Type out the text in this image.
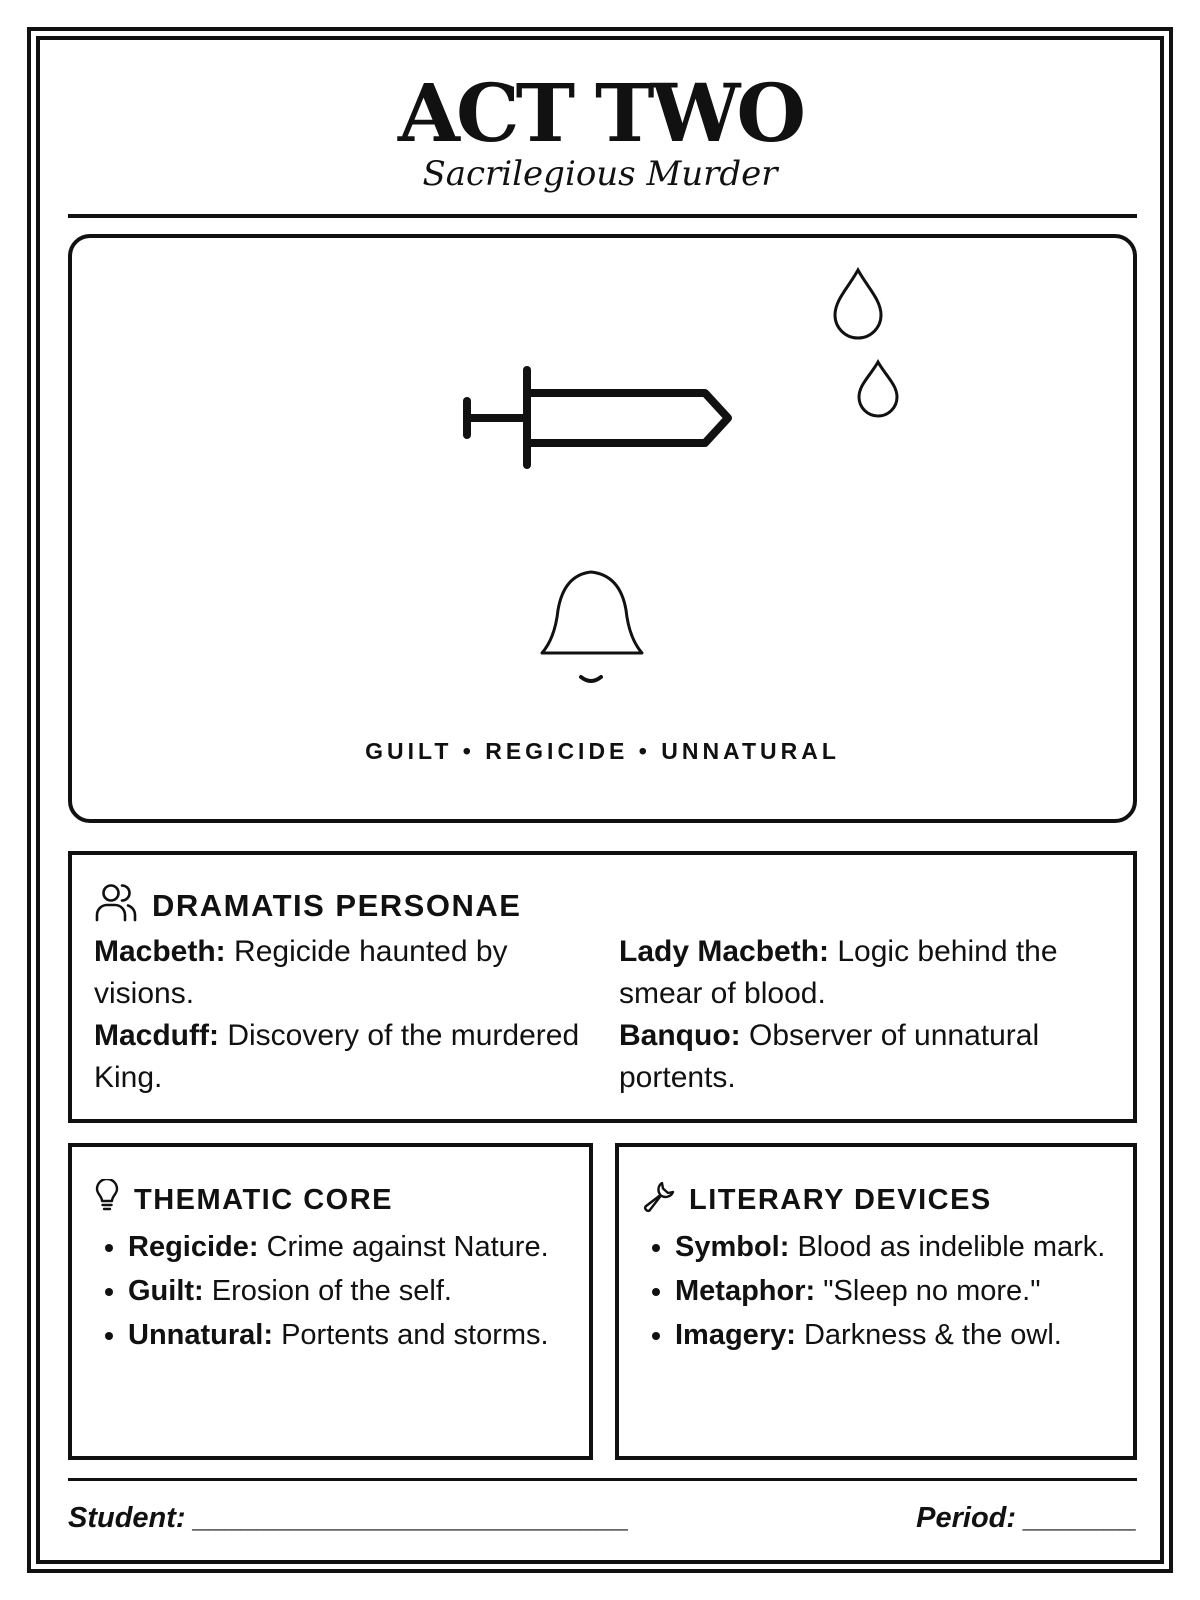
ACT TWO
Sacrilegious Murder
GUILT • REGICIDE • UNNATURAL
DRAMATIS PERSONAE

Macbeth: Regicide haunted by visions.

Macduff: Discovery of the murdered King.

Lady Macbeth: Logic behind the smear of blood.

Banquo: Observer of unnatural portents.

THEMATIC CORE
• Regicide: Crime against Nature.
• Guilt: Erosion of the self.
• Unnatural: Portents and storms.
LITERARY DEVICES
• Symbol: Blood as indelible mark.
• Metaphor: "Sleep no more."
• Imagery: Darkness & the owl.
Student: ___________________________	Period: _______
